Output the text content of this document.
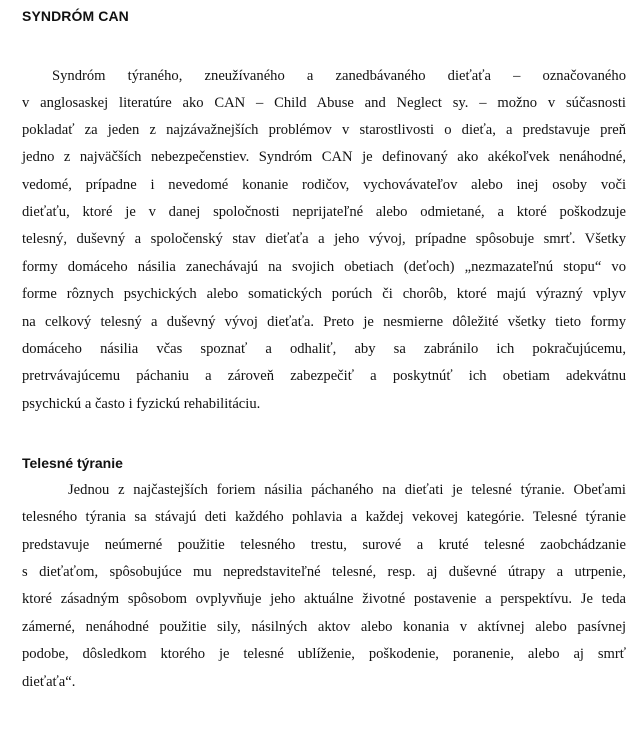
SYNDRÓM CAN
Syndróm týraného, zneužívaného a zanedbávaného dieťaťa – označovaného
v anglosaskej literatúre ako CAN – Child Abuse and Neglect sy. – možno v súčasnosti
pokladať za jeden z najzávažnejších problémov v starostlivosti o dieťa, a predstavuje preň
jedno z najväčších nebezpečenstiev. Syndróm CAN je definovaný ako akékoľvek nenáhodné,
vedomé, prípadne i nevedomé konanie rodičov, vychovávateľov alebo inej osoby voči
dieťaťu, ktoré je v danej spoločnosti neprijateľné alebo odmietané, a ktoré poškodzuje
telesný, duševný a spoločenský stav dieťaťa a jeho vývoj, prípadne spôsobuje smrť. Všetky
formy domáceho násilia zanechávajú na svojich obetiach (deťoch) „nezmazateľnú stopu“ vo
forme rôznych psychických alebo somatických porúch či chorôb, ktoré majú výrazný vplyv
na celkový telesný a duševný vývoj dieťaťa. Preto je nesmierne dôležité všetky tieto formy
domáceho násilia včas spoznať a odhaliť, aby sa zabránilo ich pokračujúcemu,
pretrvávajúcemu páchaniu a zároveň zabezpečiť a poskytnúť ich obetiam adekvátnu
psychickú a často i fyzickú rehabilitáciu.
Telesné týranie
Jednou z najčastejších foriem násilia páchaného na dieťati je telesné týranie. Obeťami
telesného týrania sa stávajú deti každého pohlavia a každej vekovej kategórie. Telesné týranie
predstavuje neúmerné použitie telesného trestu, surové a kruté telesné zaobchádzanie
s dieťaťom, spôsobujúce mu nepredstaviteľné telesné, resp. aj duševné útrapy a utrpenie,
ktoré zásadným spôsobom ovplyvňuje jeho aktuálne životné postavenie a perspektívu. Je teda
zámerné, nenáhodné použitie sily, násilných aktov alebo konania v aktívnej alebo pasívnej
podobe, dôsledkom ktorého je telesné ublíženie, poškodenie, poranenie, alebo aj smrť
dieťaťa“.
